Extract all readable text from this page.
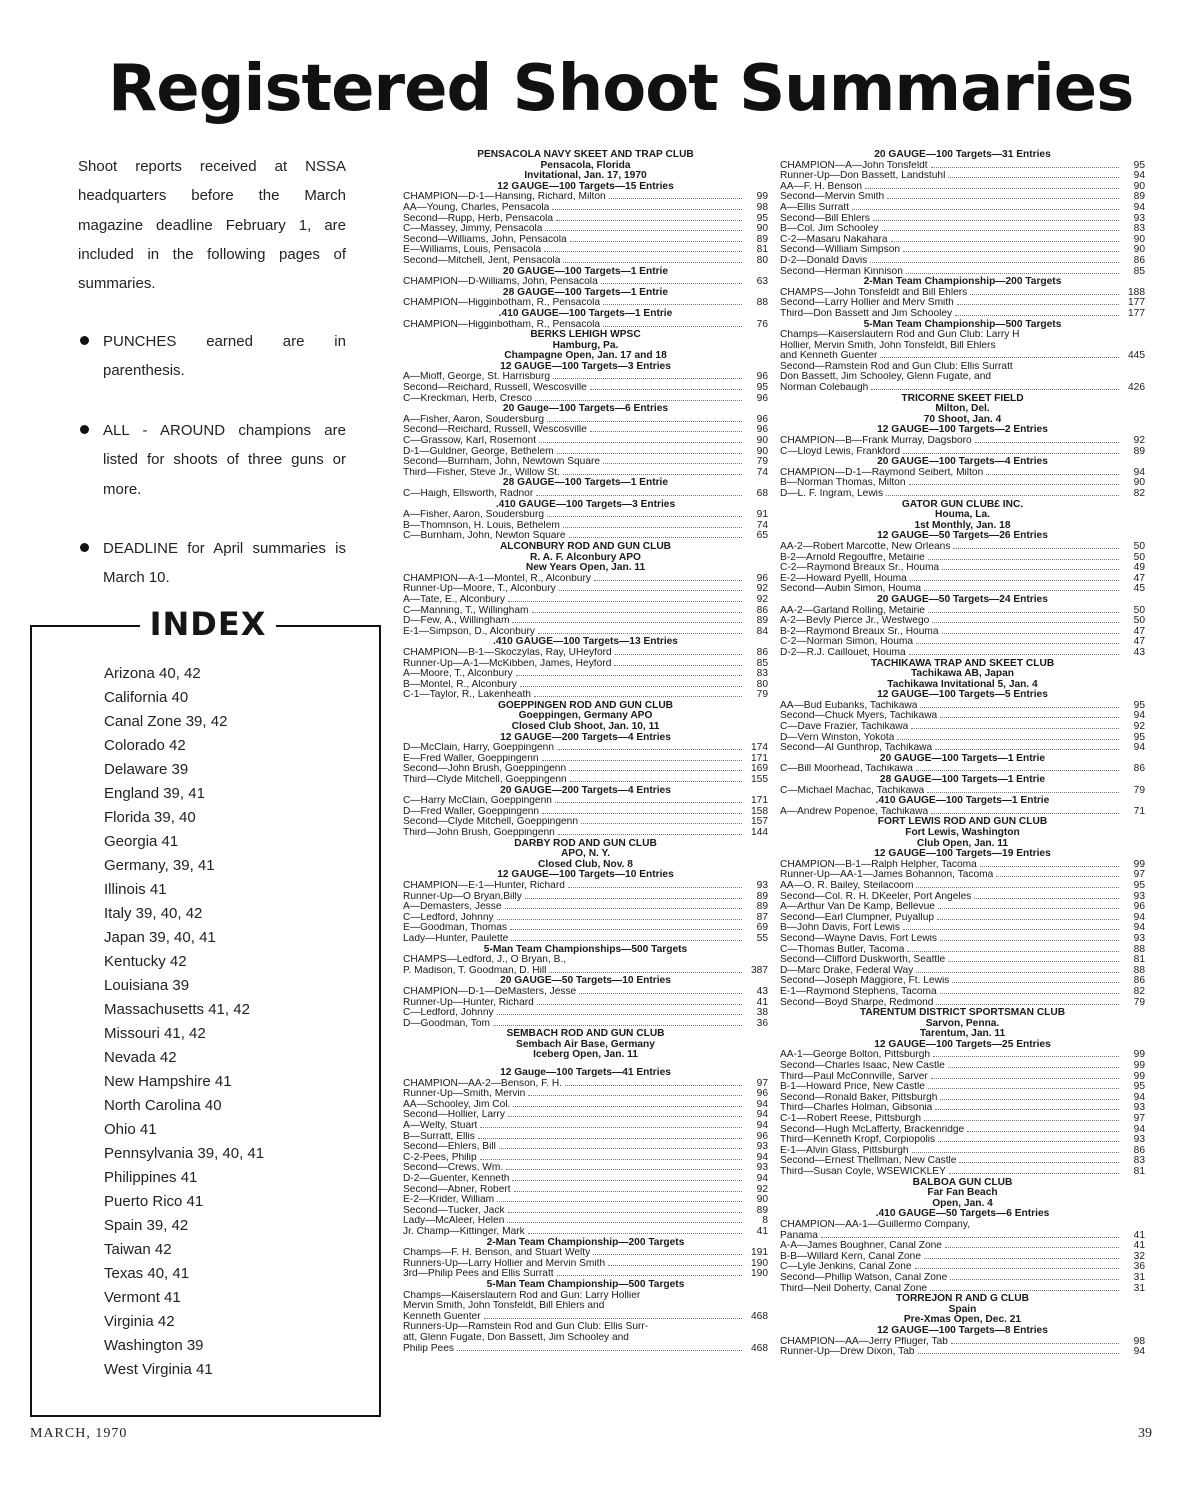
Registered Shoot Summaries

Shoot reports received at NSSA headquarters before the March magazine deadline February 1, are included in the following pages of summaries.

PUNCHES earned are in parenthesis.

ALL - AROUND champions are listed for shoots of three guns or more.

DEADLINE for April summaries is March 10.

INDEX
Arizona 40, 42
California 40
Canal Zone 39, 42
Colorado 42
Delaware 39
England 39, 41
Florida 39, 40
Georgia 41
Germany, 39, 41
Illinois 41
Italy 39, 40, 42
Japan 39, 40, 41
Kentucky 42
Louisiana 39
Massachusetts 41, 42
Missouri 41, 42
Nevada 42
New Hampshire 41
North Carolina 40
Ohio 41
Pennsylvania 39, 40, 41
Philippines 41
Puerto Rico 41
Spain 39, 42
Taiwan 42
Texas 40, 41
Vermont 41
Virginia 42
Washington 39
West Virginia 41
PENSACOLA NAVY SKEET AND TRAP CLUB
Pensacola, Florida
Invitational, Jan. 17, 1970
12 GAUGE—100 Targets—15 Entries
CHAMPION—D-1—Hansing, Richard, Milton	99
AA—Young, Charles, Pensacola	98
Second—Rupp, Herb, Pensacola	95
C—Massey, Jimmy, Pensacola	90
Second—Williams, John, Pensacola	89
E—Williams, Louis, Pensacola	81
Second—Mitchell, Jent, Pensacola	80
20 GAUGE—100 Targets—1 Entrie
CHAMPION—D-Williams, John, Pensacola	63
28 GAUGE—100 Targets—1 Entrie
CHAMPION—Higginbotham, R., Pensacola	88
.410 GAUGE—100 Targets—1 Entrie
CHAMPION—Higginbotham, R., Pensacola	76
BERKS LEHIGH WPSC
Hamburg, Pa.
Champagne Open, Jan. 17 and 18
12 GAUGE—100 Targets—3 Entries
A—Mioff, George, St. Harrisburg	96
Second—Reichard, Russell, Wescosville	95
C—Kreckman, Herb, Cresco	96
20 Gauge—100 Targets—6 Entries
A—Fisher, Aaron, Soudersburg	96
Second—Reichard, Russell, Wescosville	96
C—Grassow, Karl, Rosemont	90
D-1—Guldner, George, Bethelem	90
Second—Burnham, John, Newtown Square	79
Third—Fisher, Steve Jr., Willow St.	74
28 GAUGE—100 Targets—1 Entrie
C—Haigh, Ellsworth, Radnor	68
.410 GAUGE—100 Targets—3 Entries
A—Fisher, Aaron, Soudersburg	91
B—Thomnson, H. Louis, Bethelem	74
C—Burnham, John, Newton Square	65
ALCONBURY ROD AND GUN CLUB
R. A. F. Alconbury APO
New Years Open, Jan. 11
CHAMPION—A-1—Montel, R., Alconbury	96
Runner-Up—Moore, T., Alconbury	92
A—Tate, E., Alconbury	92
C—Manning, T., Willingham	86
D—Few, A., Willingham	89
E-1—Simpson, D., Alconbury	84
.410 GAUGE—100 Targets—13 Entries
CHAMPION—B-1—Skoczylas, Ray, UHeyford	86
Runner-Up—A-1—McKibben, James, Heyford	85
A—Moore, T., Alconbury	83
B—Montel, R., Alconbury	80
C-1—Taylor, R., Lakenheath	79
GOEPPINGEN ROD AND GUN CLUB
Goeppingen, Germany APO
Closed Club Shoot, Jan. 10, 11
12 GAUGE—200 Targets—4 Entries
D—McClain, Harry, Goeppingenn	174
E—Fred Waller, Goeppingenn	171
Second—John Brush, Goeppingenn	169
Third—Clyde Mitchell, Goeppingenn	155
20 GAUGE—200 Targets—4 Entries
C—Harry McClain, Goeppingenn	171
D—Fred Waller, Goeppingenn	158
Second—Clyde Mitchell, Goeppingenn	157
Third—John Brush, Goeppingenn	144
DARBY ROD AND GUN CLUB
APO, N. Y.
Closed Club, Nov. 8
12 GAUGE—100 Targets—10 Entries
CHAMPION—E-1—Hunter, Richard	93
Runner-Up—O Bryan,Billy	89
A—Demasters, Jesse	89
C—Ledford, Johnny	87
E—Goodman, Thomas	69
Lady—Hunter, Paulette	55
5-Man Team Championships—500 Targets
CHAMPS—Ledford, J., O Bryan, B.,
P. Madison, T. Goodman, D. Hill	387
20 GAUGE—50 Targets—10 Entries
CHAMPION—D-1—DeMasters, Jesse	43
Runner-Up—Hunter, Richard	41
C—Ledford, Johnny	38
D—Goodman, Tom	36
SEMBACH ROD AND GUN CLUB
Sembach Air Base, Germany
Iceberg Open, Jan. 11
12 Gauge—100 Targets—41 Entries
CHAMPION—AA-2—Benson, F. H.	97
Runner-Up—Smith, Mervin	96
AA—Schooley, Jim Col.	94
Second—Hollier, Larry	94
A—Welty, Stuart	94
B—Surratt, Ellis	96
Second—Ehlers, Bill	93
C-2-Pees, Philip	94
Second—Crews, Wm.	93
D-2—Guenter, Kenneth	94
Second—Abner, Robert	92
E-2—Krider, William	90
Second—Tucker, Jack	89
Lady—McAleer, Helen	8
Jr. Champ—Kittinger, Mark	41
2-Man Team Championship—200 Targets
Champs—F. H. Benson, and Stuart Welty	191
Runners-Up—Larry Hollier and Mervin Smith	190
3rd—Philip Pees and Ellis Surratt	190
5-Man Team Championship—500 Targets
Champs—Kaiserslautern Rod and Gun: Larry Hollier
Mervin Smith, John Tonsfeldt, Bill Ehlers and
Kenneth Guenter	468
Runners-Up—Ramstein Rod and Gun Club: Ellis Surr-
att, Glenn Fugate, Don Bassett, Jim Schooley and
Philip Pees	468
20 GAUGE—100 Targets—31 Entries
CHAMPION—A—John Tonsfeldt	95
Runner-Up—Don Bassett, Landstuhl	94
AA—F. H. Benson	90
Second—Mervin Smith	89
A—Ellis Surratt	94
Second—Bill Ehlers	93
B—Col. Jim Schooley	83
C-2—Masaru Nakahara	90
Second—William Simpson	90
D-2—Donald Davis	86
Second—Herman Kinnison	85
2-Man Team Championship—200 Targets
CHAMPS—John Tonsfeldt and Bill Ehlers	188
Second—Larry Hollier and Merv Smith	177
Third—Don Bassett and Jim Schooley	177
5-Man Team Championship—500 Targets
Champs—Kaiserslautern Rod and Gun Club: Larry H
Hollier, Mervin Smith, John Tonsfeldt, Bill Ehlers
and Kenneth Guenter	445
Second—Ramstein Rod and Gun Club: Ellis Surratt
Don Bassett, Jim Schooley, Glenn Fugate, and
Norman Colebaugh	426
TRICORNE SKEET FIELD
Milton, Del.
70 Shoot, Jan. 4
12 GAUGE—100 Targets—2 Entries
CHAMPION—B—Frank Murray, Dagsboro	92
C—Lloyd Lewis, Frankford	89
20 GAUGE—100 Targets—4 Entries
CHAMPION—D-1—Raymond Seibert, Milton	94
B—Norman Thomas, Milton	90
D—L. F. Ingram, Lewis	82
GATOR GUN CLUB£ INC.
Houma, La.
1st Monthly, Jan. 18
12 GAUGE—50 Targets—26 Entries
AA-2—Robert Marcotte, New Orleans	50
B-2—Arnold Regouffre, Metairie	50
C-2—Raymond Breaux Sr., Houma	49
E-2—Howard Pyelll, Houma	47
Second—Aubin Simon, Houma	45
20 GAUGE—50 Targets—24 Entries
AA-2—Garland Rolling, Metairie	50
A-2—Bevly Pierce Jr., Westwego	50
B-2—Raymond Breaux Sr., Houma	47
C-2—Norman Simon, Houma	47
D-2—R.J. Caillouet, Houma	43
TACHIKAWA TRAP AND SKEET CLUB
Tachikawa AB, Japan
Tachikawa Invitational 5, Jan. 4
12 GAUGE—100 Targets—5 Entries
AA—Bud Eubanks, Tachikawa	95
Second—Chuck Myers, Tachikawa	94
C—Dave Frazier, Tachikawa	92
D—Vern Winston, Yokota	95
Second—Al Gunthrop, Tachikawa	94
20 GAUGE—100 Targets—1 Entrie
C—Bill Moorhead, Tachikawa	86
28 GAUGE—100 Targets—1 Entrie
C—Michael Machac, Tachikawa	79
.410 GAUGE—100 Targets—1 Entrie
A—Andrew Popenoe, Tachikawa	71
FORT LEWIS ROD AND GUN CLUB
Fort Lewis, Washington
Club Open, Jan. 11
12 GAUGE—100 Targets—19 Entries
CHAMPION—B-1—Ralph Helpher, Tacoma	99
Runner-Up—AA-1—James Bohannon, Tacoma	97
AA—O. R. Bailey, Steilacoom	95
Second—Col. R. H. DKeeler, Port Angeles	93
A—Arthur Van De Kamp, Bellevue	96
Second—Earl Clumpner, Puyallup	94
B—John Davis, Fort Lewis	94
Second—Wayne Davis, Fort Lewis	93
C—Thomas Butler, Tacoma	88
Second—Clifford Duskworth, Seattle	81
D—Marc Drake, Federal Way	88
Second—Joseph Maggiore, Ft. Lewis	86
E-1—Raymond Stephens, Tacoma	82
Second—Boyd Sharpe, Redmond	79
TARENTUM DISTRICT SPORTSMAN CLUB
Sarvon, Penna.
Tarentum, Jan. 11
12 GAUGE—100 Targets—25 Entries
AA-1—George Bolton, Pittsburgh	99
Second—Charles Isaac, New Castle	99
Third—Paul McConnville, Sarver	99
B-1—Howard Price, New Castle	95
Second—Ronald Baker, Pittsburgh	94
Third—Charles Holman, Gibsonia	93
C-1—Robert Reese, Pittsburgh	97
Second—Hugh McLafferty, Brackenridge	94
Third—Kenneth Kropf, Corpiopolis	93
E-1—Alvin Glass, Pittsburgh	86
Second—Ernest Thellman, New Castle	83
Third—Susan Coyle, WSEWICKLEY	81
BALBOA GUN CLUB
Far Fan Beach
Open, Jan. 4
.410 GAUGE—50 Targets—6 Entries
CHAMPION—AA-1—Guillermo Company,
Panama	41
A-A—James Boughner, Canal Zone	41
B-B—Willard Kern, Canal Zone	32
C—Lyle Jenkins, Canal Zone	36
Second—Phillip Watson, Canal Zone	31
Third—Neil Doherty, Canal Zone	31
TORREJON R AND G CLUB
Spain
Pre-Xmas Open, Dec. 21
12 GAUGE—100 Targets—8 Entries
CHAMPION—AA—Jerry Pfluger, Tab	98
Runner-Up—Drew Dixon, Tab	94
MARCH, 1970	39
